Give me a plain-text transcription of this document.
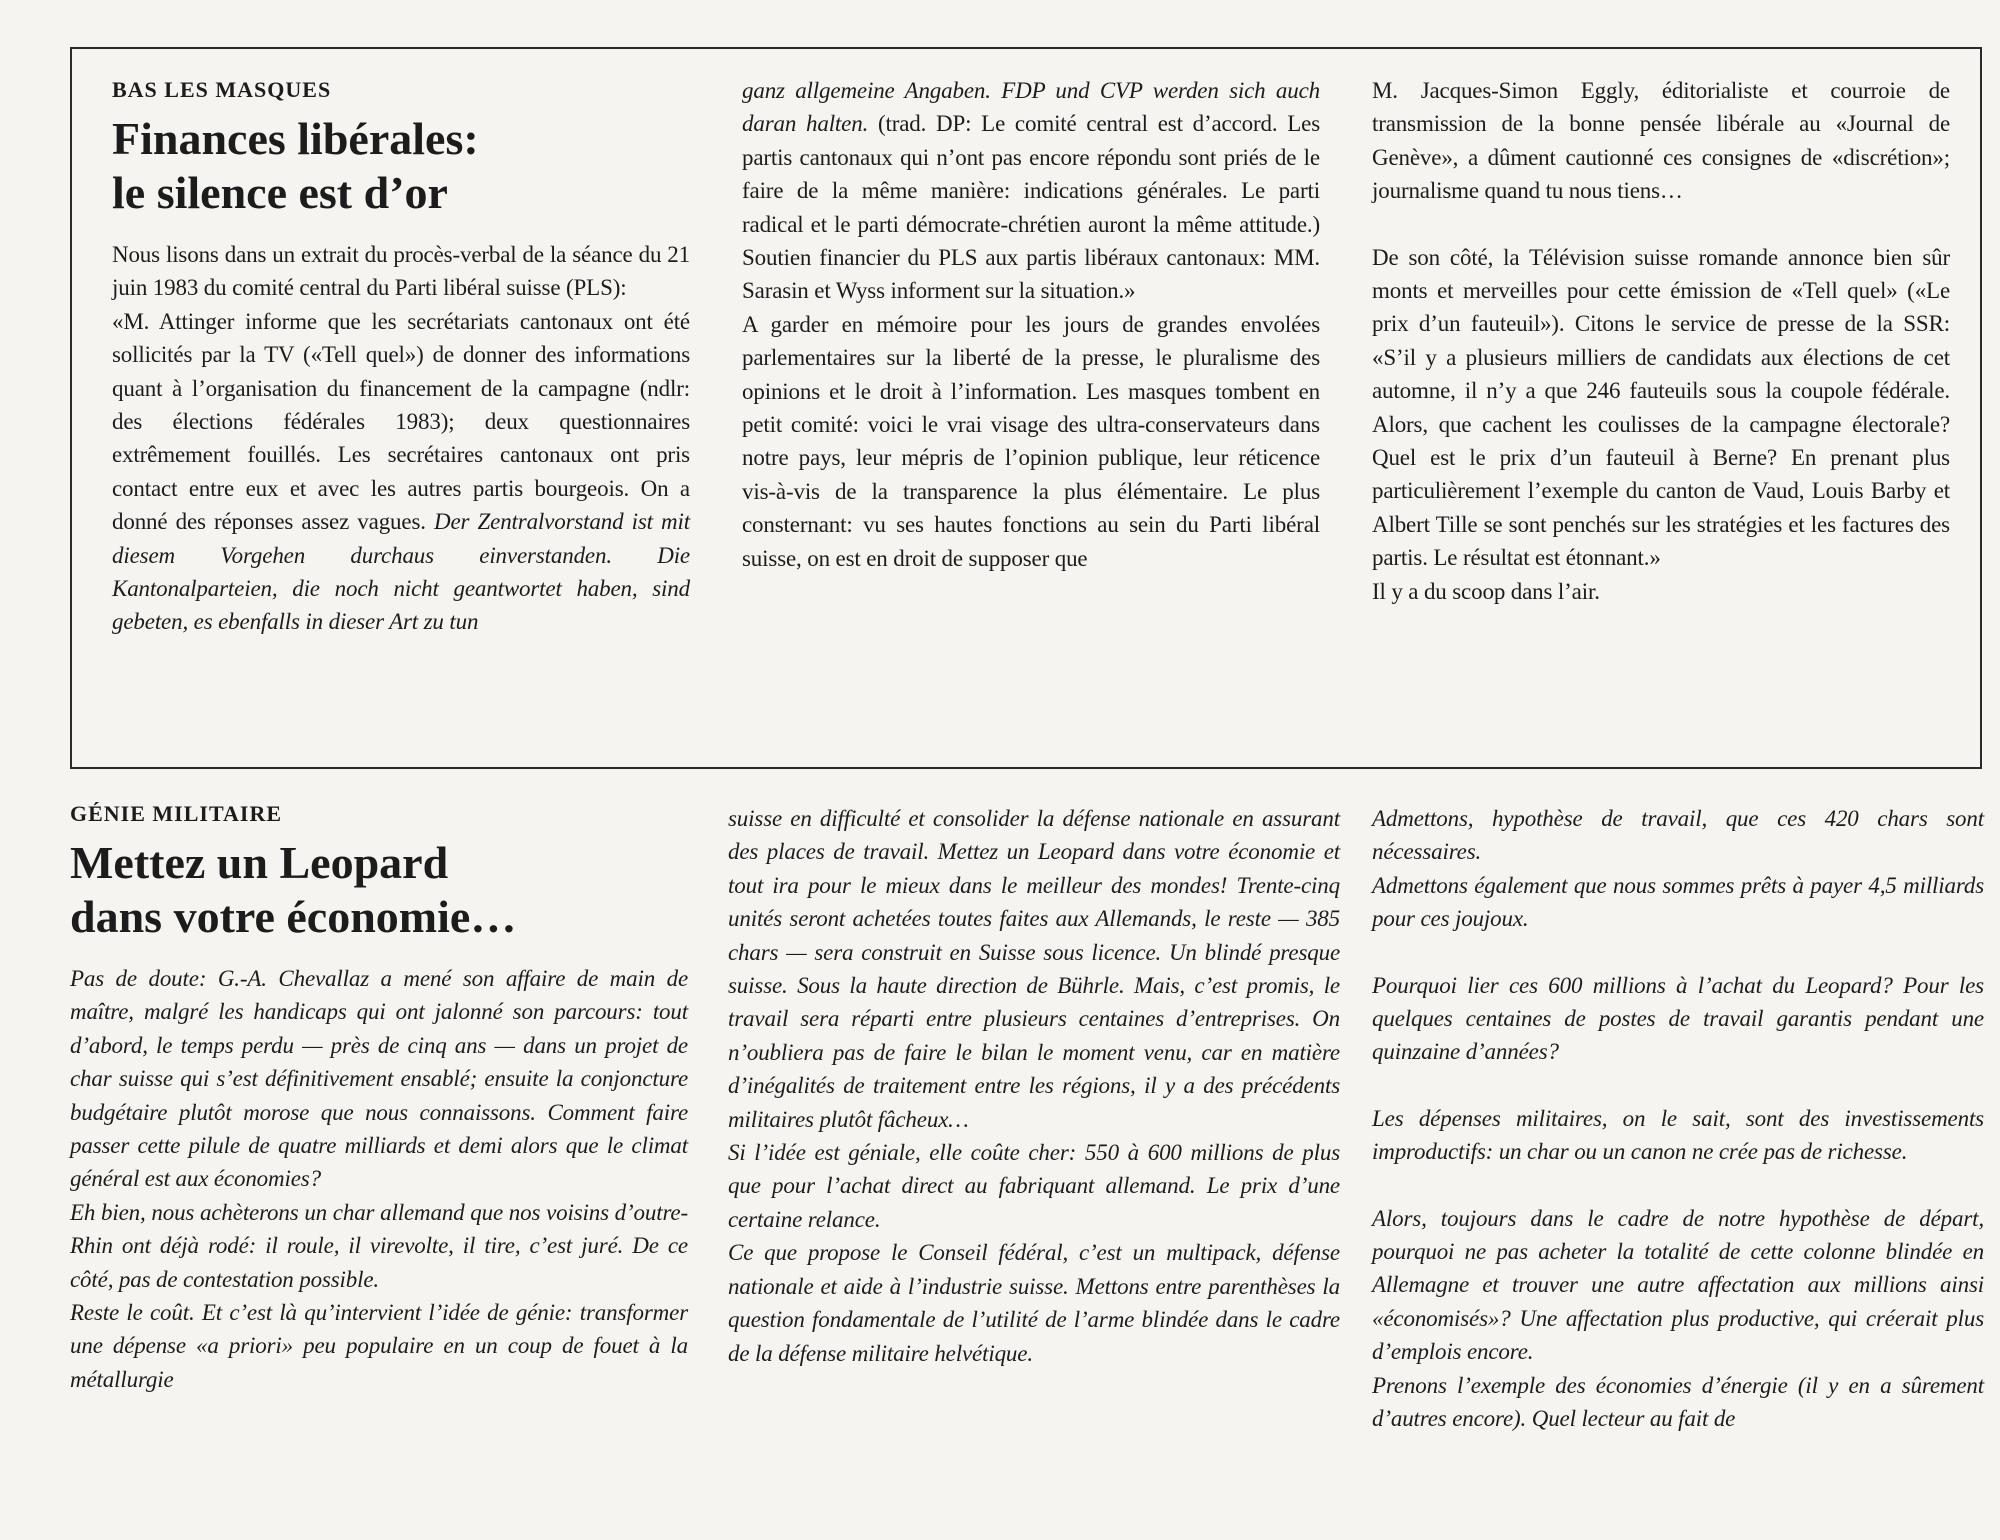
BAS LES MASQUES
Finances libérales:
le silence est d’or

Nous lisons dans un extrait du procès-verbal de la séance du 21 juin 1983 du comité central du Parti libéral suisse (PLS):

«M. Attinger informe que les secrétariats cantonaux ont été sollicités par la TV («Tell quel») de donner des informations quant à l’organisation du financement de la campagne (ndlr: des élections fédérales 1983); deux questionnaires extrêmement fouillés. Les secrétaires cantonaux ont pris contact entre eux et avec les autres partis bourgeois. On a donné des réponses assez vagues. Der Zentralvorstand ist mit diesem Vorgehen durchaus einverstanden. Die Kantonalparteien, die noch nicht geantwortet haben, sind gebeten, es ebenfalls in dieser Art zu tun

ganz allgemeine Angaben. FDP und CVP werden sich auch daran halten. (trad. DP: Le comité central est d’accord. Les partis cantonaux qui n’ont pas encore répondu sont priés de le faire de la même manière: indications générales. Le parti radical et le parti démocrate-chrétien auront la même attitude.) Soutien financier du PLS aux partis libéraux cantonaux: MM. Sarasin et Wyss informent sur la situation.»

A garder en mémoire pour les jours de grandes envolées parlementaires sur la liberté de la presse, le pluralisme des opinions et le droit à l’information. Les masques tombent en petit comité: voici le vrai visage des ultra-conservateurs dans notre pays, leur mépris de l’opinion publique, leur réticence vis-à-vis de la transparence la plus élémentaire. Le plus consternant: vu ses hautes fonctions au sein du Parti libéral suisse, on est en droit de supposer que

M. Jacques-Simon Eggly, éditorialiste et courroie de transmission de la bonne pensée libérale au «Journal de Genève», a dûment cautionné ces consignes de «discrétion»; journalisme quand tu nous tiens…

De son côté, la Télévision suisse romande annonce bien sûr monts et merveilles pour cette émission de «Tell quel» («Le prix d’un fauteuil»). Citons le service de presse de la SSR: «S’il y a plusieurs milliers de candidats aux élections de cet automne, il n’y a que 246 fauteuils sous la coupole fédérale. Alors, que cachent les coulisses de la campagne électorale? Quel est le prix d’un fauteuil à Berne? En prenant plus particulièrement l’exemple du canton de Vaud, Louis Barby et Albert Tille se sont penchés sur les stratégies et les factures des partis. Le résultat est étonnant.»

Il y a du scoop dans l’air.

GÉNIE MILITAIRE
Mettez un Leopard
dans votre économie…

Pas de doute: G.-A. Chevallaz a mené son affaire de main de maître, malgré les handicaps qui ont jalonné son parcours: tout d’abord, le temps perdu — près de cinq ans — dans un projet de char suisse qui s’est définitivement ensablé; ensuite la conjoncture budgétaire plutôt morose que nous connaissons. Comment faire passer cette pilule de quatre milliards et demi alors que le climat général est aux économies?

Eh bien, nous achèterons un char allemand que nos voisins d’outre-Rhin ont déjà rodé: il roule, il virevolte, il tire, c’est juré. De ce côté, pas de contestation possible.

Reste le coût. Et c’est là qu’intervient l’idée de génie: transformer une dépense «a priori» peu populaire en un coup de fouet à la métallurgie

suisse en difficulté et consolider la défense nationale en assurant des places de travail. Mettez un Leopard dans votre économie et tout ira pour le mieux dans le meilleur des mondes! Trente-cinq unités seront achetées toutes faites aux Allemands, le reste — 385 chars — sera construit en Suisse sous licence. Un blindé presque suisse. Sous la haute direction de Bührle. Mais, c’est promis, le travail sera réparti entre plusieurs centaines d’entreprises. On n’oubliera pas de faire le bilan le moment venu, car en matière d’inégalités de traitement entre les régions, il y a des précédents militaires plutôt fâcheux…

Si l’idée est géniale, elle coûte cher: 550 à 600 millions de plus que pour l’achat direct au fabriquant allemand. Le prix d’une certaine relance.

Ce que propose le Conseil fédéral, c’est un multipack, défense nationale et aide à l’industrie suisse. Mettons entre parenthèses la question fondamentale de l’utilité de l’arme blindée dans le cadre de la défense militaire helvétique.

Admettons, hypothèse de travail, que ces 420 chars sont nécessaires.

Admettons également que nous sommes prêts à payer 4,5 milliards pour ces joujoux.

Pourquoi lier ces 600 millions à l’achat du Leopard? Pour les quelques centaines de postes de travail garantis pendant une quinzaine d’années?

Les dépenses militaires, on le sait, sont des investissements improductifs: un char ou un canon ne crée pas de richesse.

Alors, toujours dans le cadre de notre hypothèse de départ, pourquoi ne pas acheter la totalité de cette colonne blindée en Allemagne et trouver une autre affectation aux millions ainsi «économisés»? Une affectation plus productive, qui créerait plus d’emplois encore.

Prenons l’exemple des économies d’énergie (il y en a sûrement d’autres encore). Quel lecteur au fait de
